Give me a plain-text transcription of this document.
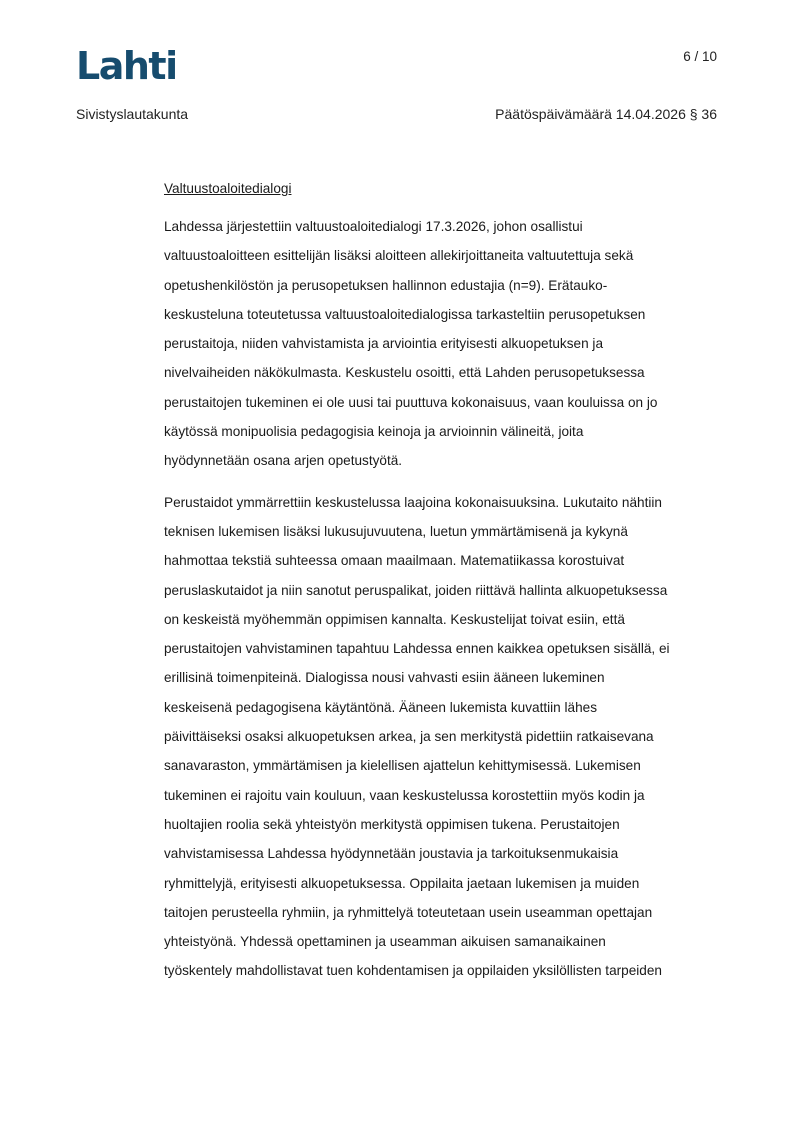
Lahti	6 / 10
Sivistyslautakunta	Päätöspäivämäärä 14.04.2026 § 36
Valtuustoaloitedialogi
Lahdessa järjestettiin valtuustoaloitedialogi 17.3.2026, johon osallistui
valtuustoaloitteen esittelijän lisäksi aloitteen allekirjoittaneita valtuutettuja sekä
opetushenkilöstön ja perusopetuksen hallinnon edustajia (n=9). Erätauko-
keskusteluna toteutetussa valtuustoaloitedialogissa tarkasteltiin perusopetuksen
perustaitoja, niiden vahvistamista ja arviointia erityisesti alkuopetuksen ja
nivelvaiheiden näkökulmasta. Keskustelu osoitti, että Lahden perusopetuksessa
perustaitojen tukeminen ei ole uusi tai puuttuva kokonaisuus, vaan kouluissa on jo
käytössä monipuolisia pedagogisia keinoja ja arvioinnin välineitä, joita
hyödynnetään osana arjen opetustyötä.
Perustaidot ymmärrettiin keskustelussa laajoina kokonaisuuksina. Lukutaito nähtiin
teknisen lukemisen lisäksi lukusujuvuutena, luetun ymmärtämisenä ja kykynä
hahmottaa tekstiä suhteessa omaan maailmaan. Matematiikassa korostuivat
peruslaskutaidot ja niin sanotut peruspalikat, joiden riittävä hallinta alkuopetuksessa
on keskeistä myöhemmän oppimisen kannalta. Keskustelijat toivat esiin, että
perustaitojen vahvistaminen tapahtuu Lahdessa ennen kaikkea opetuksen sisällä, ei
erillisinä toimenpiteinä. Dialogissa nousi vahvasti esiin ääneen lukeminen
keskeisenä pedagogisena käytäntönä. Ääneen lukemista kuvattiin lähes
päivittäiseksi osaksi alkuopetuksen arkea, ja sen merkitystä pidettiin ratkaisevana
sanavaraston, ymmärtämisen ja kielellisen ajattelun kehittymisessä. Lukemisen
tukeminen ei rajoitu vain kouluun, vaan keskustelussa korostettiin myös kodin ja
huoltajien roolia sekä yhteistyön merkitystä oppimisen tukena. Perustaitojen
vahvistamisessa Lahdessa hyödynnetään joustavia ja tarkoituksenmukaisia
ryhmittelyjä, erityisesti alkuopetuksessa. Oppilaita jaetaan lukemisen ja muiden
taitojen perusteella ryhmiin, ja ryhmittelyä toteutetaan usein useamman opettajan
yhteistyönä. Yhdessä opettaminen ja useamman aikuisen samanaikainen
työskentely mahdollistavat tuen kohdentamisen ja oppilaiden yksilöllisten tarpeiden
